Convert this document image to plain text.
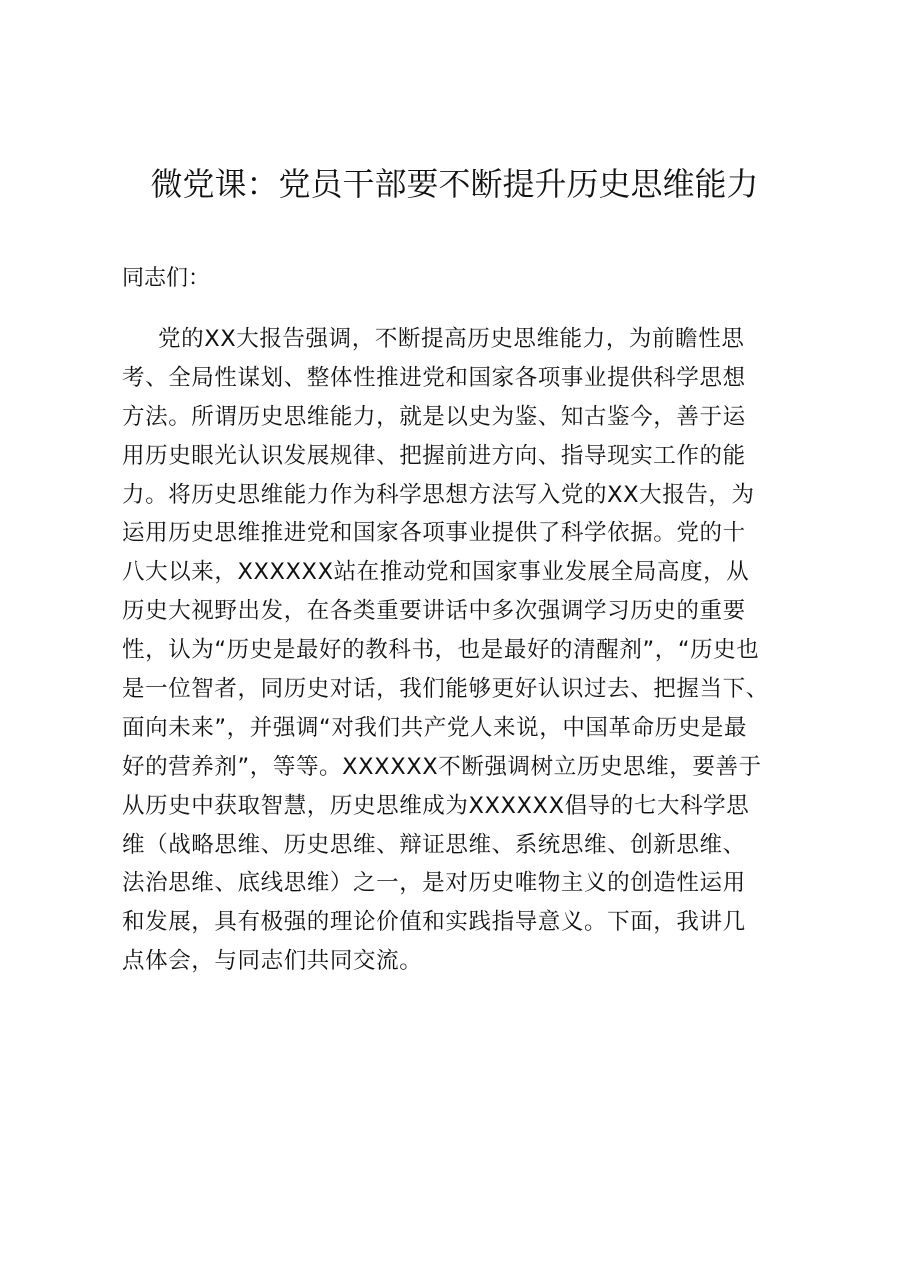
微党课：党员干部要不断提升历史思维能力

同志们：

党的XX大报告强调，不断提高历史思维能力，为前瞻性思
考、全局性谋划、整体性推进党和国家各项事业提供科学思想
方法。所谓历史思维能力，就是以史为鉴、知古鉴今，善于运
用历史眼光认识发展规律、把握前进方向、指导现实工作的能
力。将历史思维能力作为科学思想方法写入党的XX大报告，为
运用历史思维推进党和国家各项事业提供了科学依据。党的十
八大以来，XXXXXX站在推动党和国家事业发展全局高度，从
历史大视野出发，在各类重要讲话中多次强调学习历史的重要
性，认为“历史是最好的教科书，也是最好的清醒剂”，“历史也
是一位智者，同历史对话，我们能够更好认识过去、把握当下、
面向未来”，并强调“对我们共产党人来说，中国革命历史是最
好的营养剂”，等等。XXXXXX不断强调树立历史思维，要善于
从历史中获取智慧，历史思维成为XXXXXX倡导的七大科学思
维（战略思维、历史思维、辩证思维、系统思维、创新思维、
法治思维、底线思维）之一，是对历史唯物主义的创造性运用
和发展，具有极强的理论价值和实践指导意义。下面，我讲几
点体会，与同志们共同交流。
